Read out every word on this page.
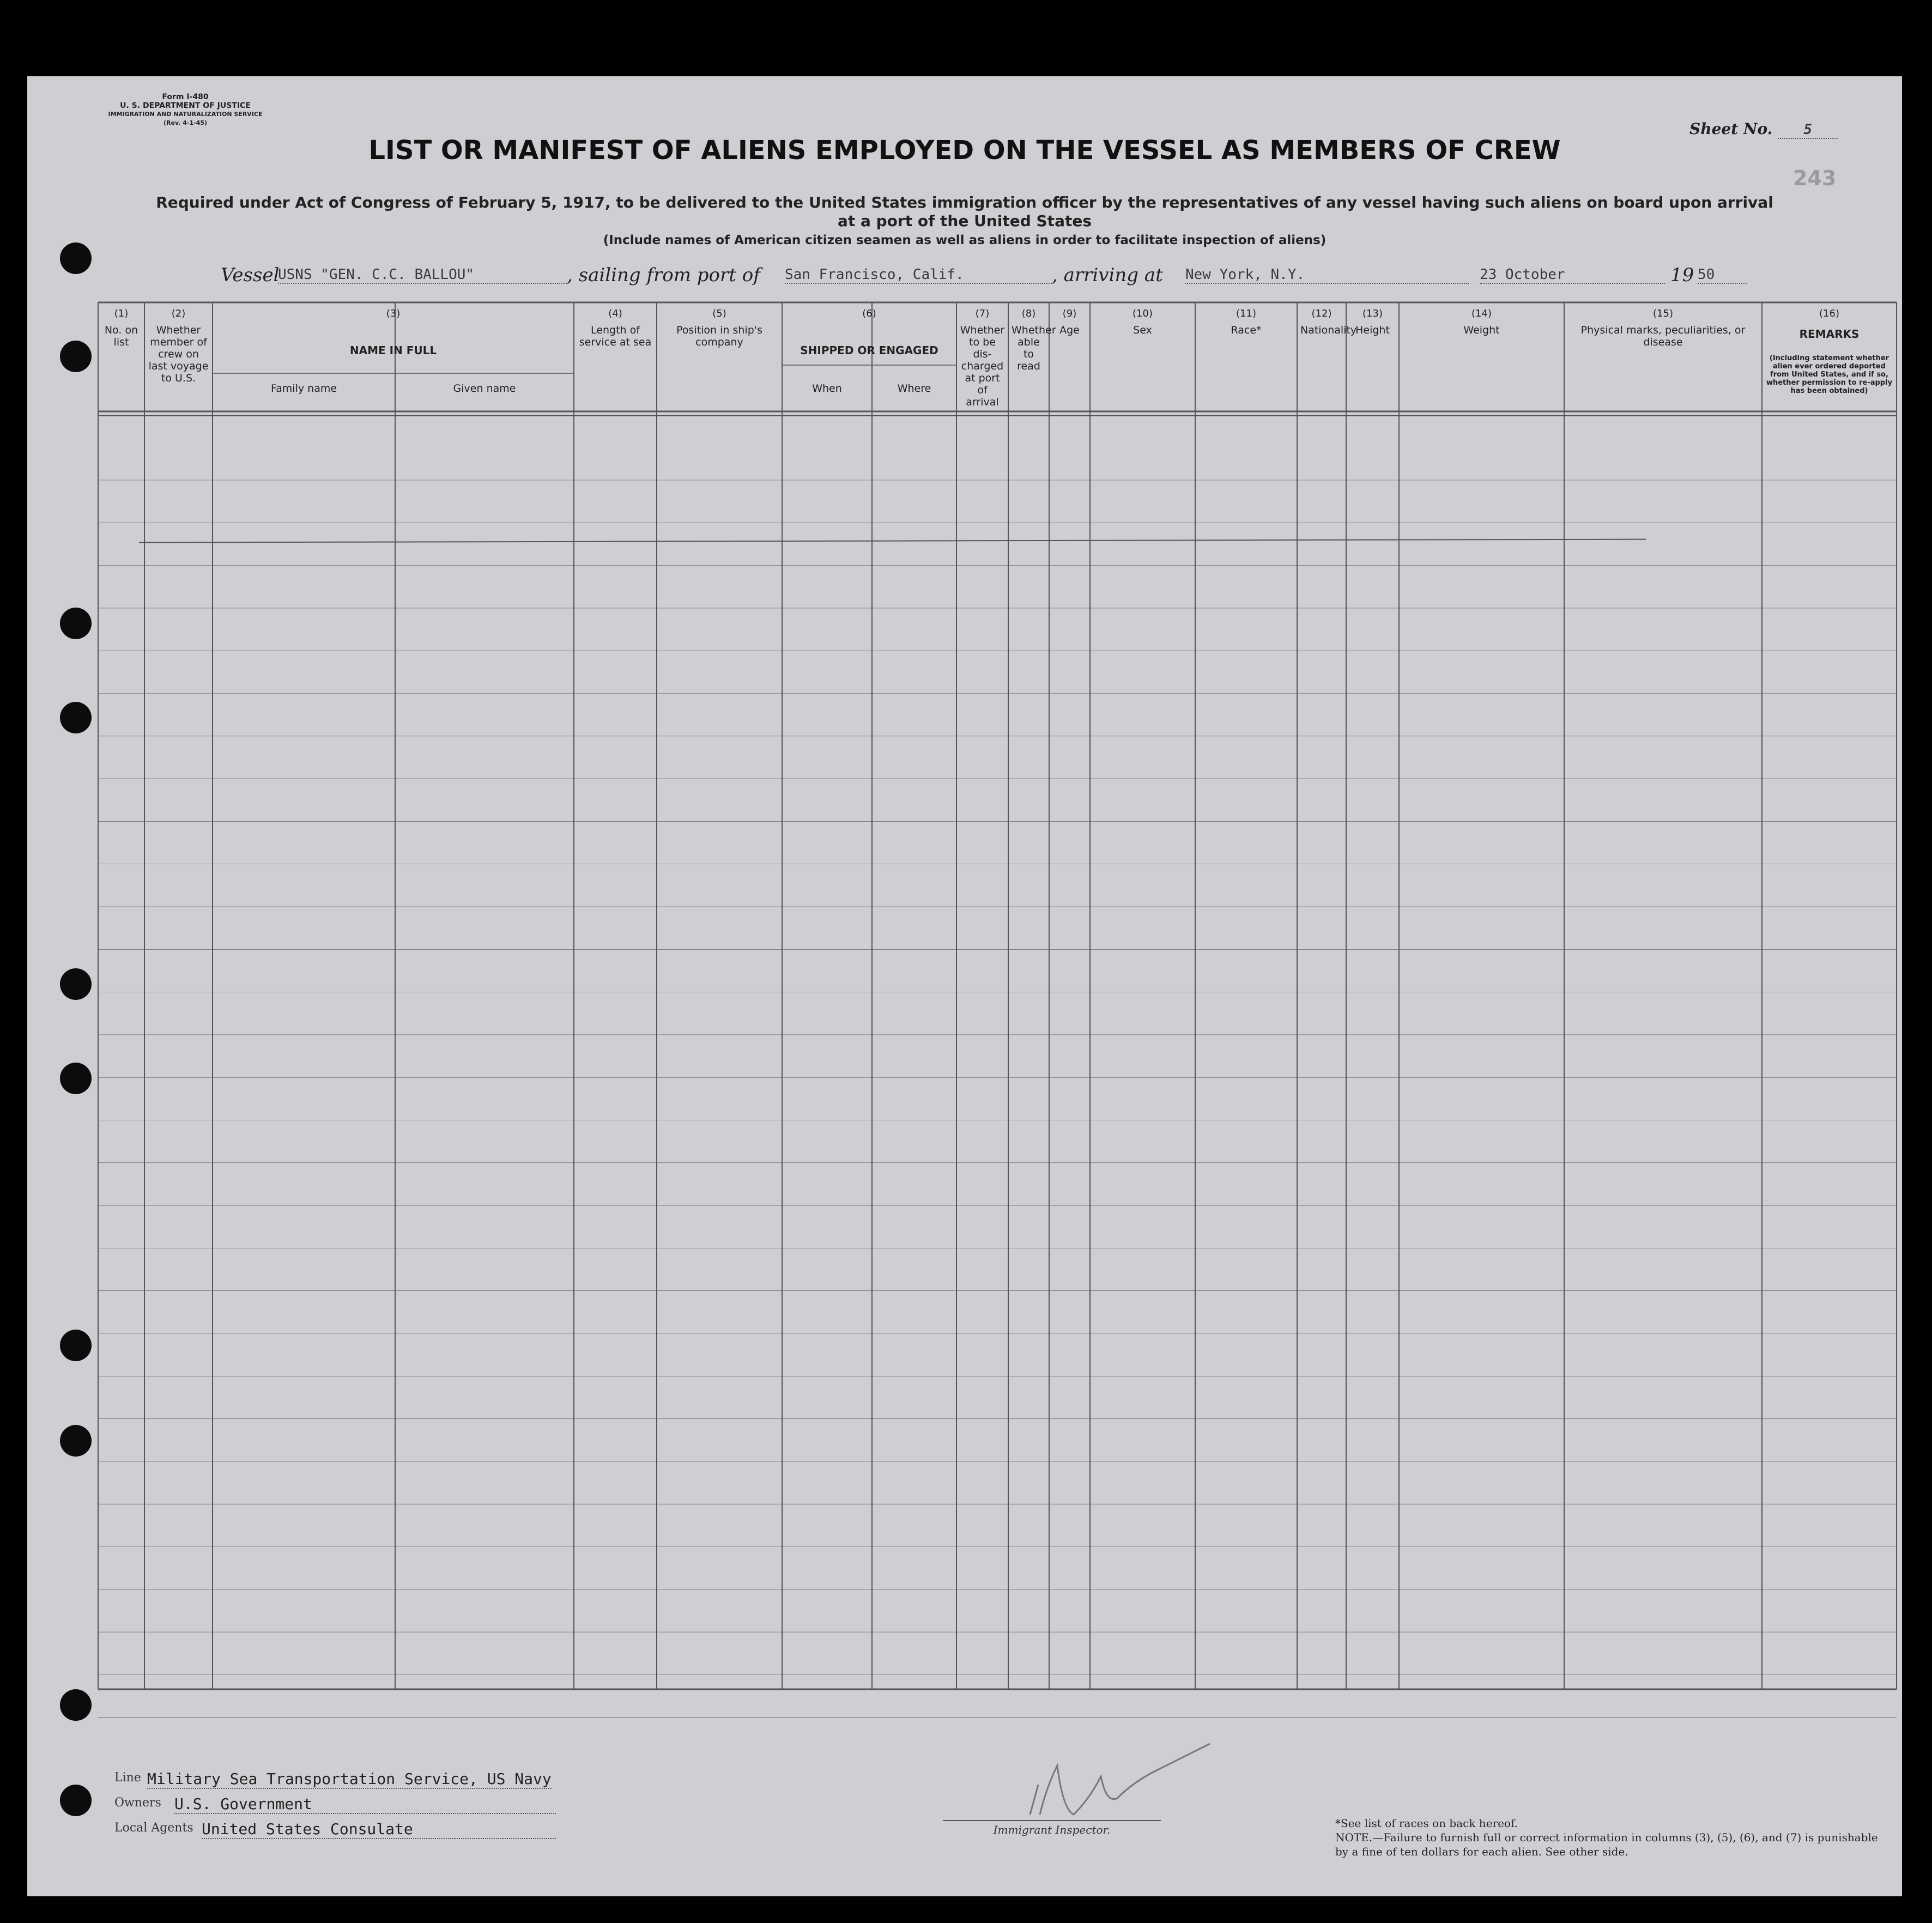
Form I-480
U. S. DEPARTMENT OF JUSTICE
IMMIGRATION AND NATURALIZATION SERVICE
(Rev. 4-1-45)	Sheet No. 5
243
LIST OR MANIFEST OF ALIENS EMPLOYED ON THE VESSEL AS MEMBERS OF CREW
Required under Act of Congress of February 5, 1917, to be delivered to the United States immigration officer by the representatives of any vessel having such aliens on board upon arrival at a port of the United States
(Include names of American citizen seamen as well as aliens in order to facilitate inspection of aliens)
Vessel
USNS "GEN. C.C. BALLOU"	, sailing from port of San Francisco, Calif.	, arriving at New York, N.Y.	23 October	19 50
(1)
No. on list
(2)
Whether member of crew on last voyage to U.S.
(3)
NAME IN FULL
Family name	Given name
(4)
Length of service at sea
(5)
Position in ship's company
(6)
SHIPPED OR ENGAGED
When	Where
(7)
Whether to be dis-charged at port of arrival
(8)
Whether able to read
(9)
Age
(10)
Sex
(11)
Race*
(12)
Nationality
(13)
Height
(14)
Weight
(15)
Physical marks, peculiarities, or disease
(16)
REMARKS
(Including statement whether alien ever ordered deported from United States, and if so, whether permission to re-apply has been obtained)
Line Military Sea Transportation Service, US Navy
Owners U.S. Government
Local Agents United States Consulate	Immigrant Inspector.	*See list of races on back hereof.
NOTE.—Failure to furnish full or correct information in columns (3), (5), (6), and (7) is punishable by a fine of ten dollars for each alien. See other side.
